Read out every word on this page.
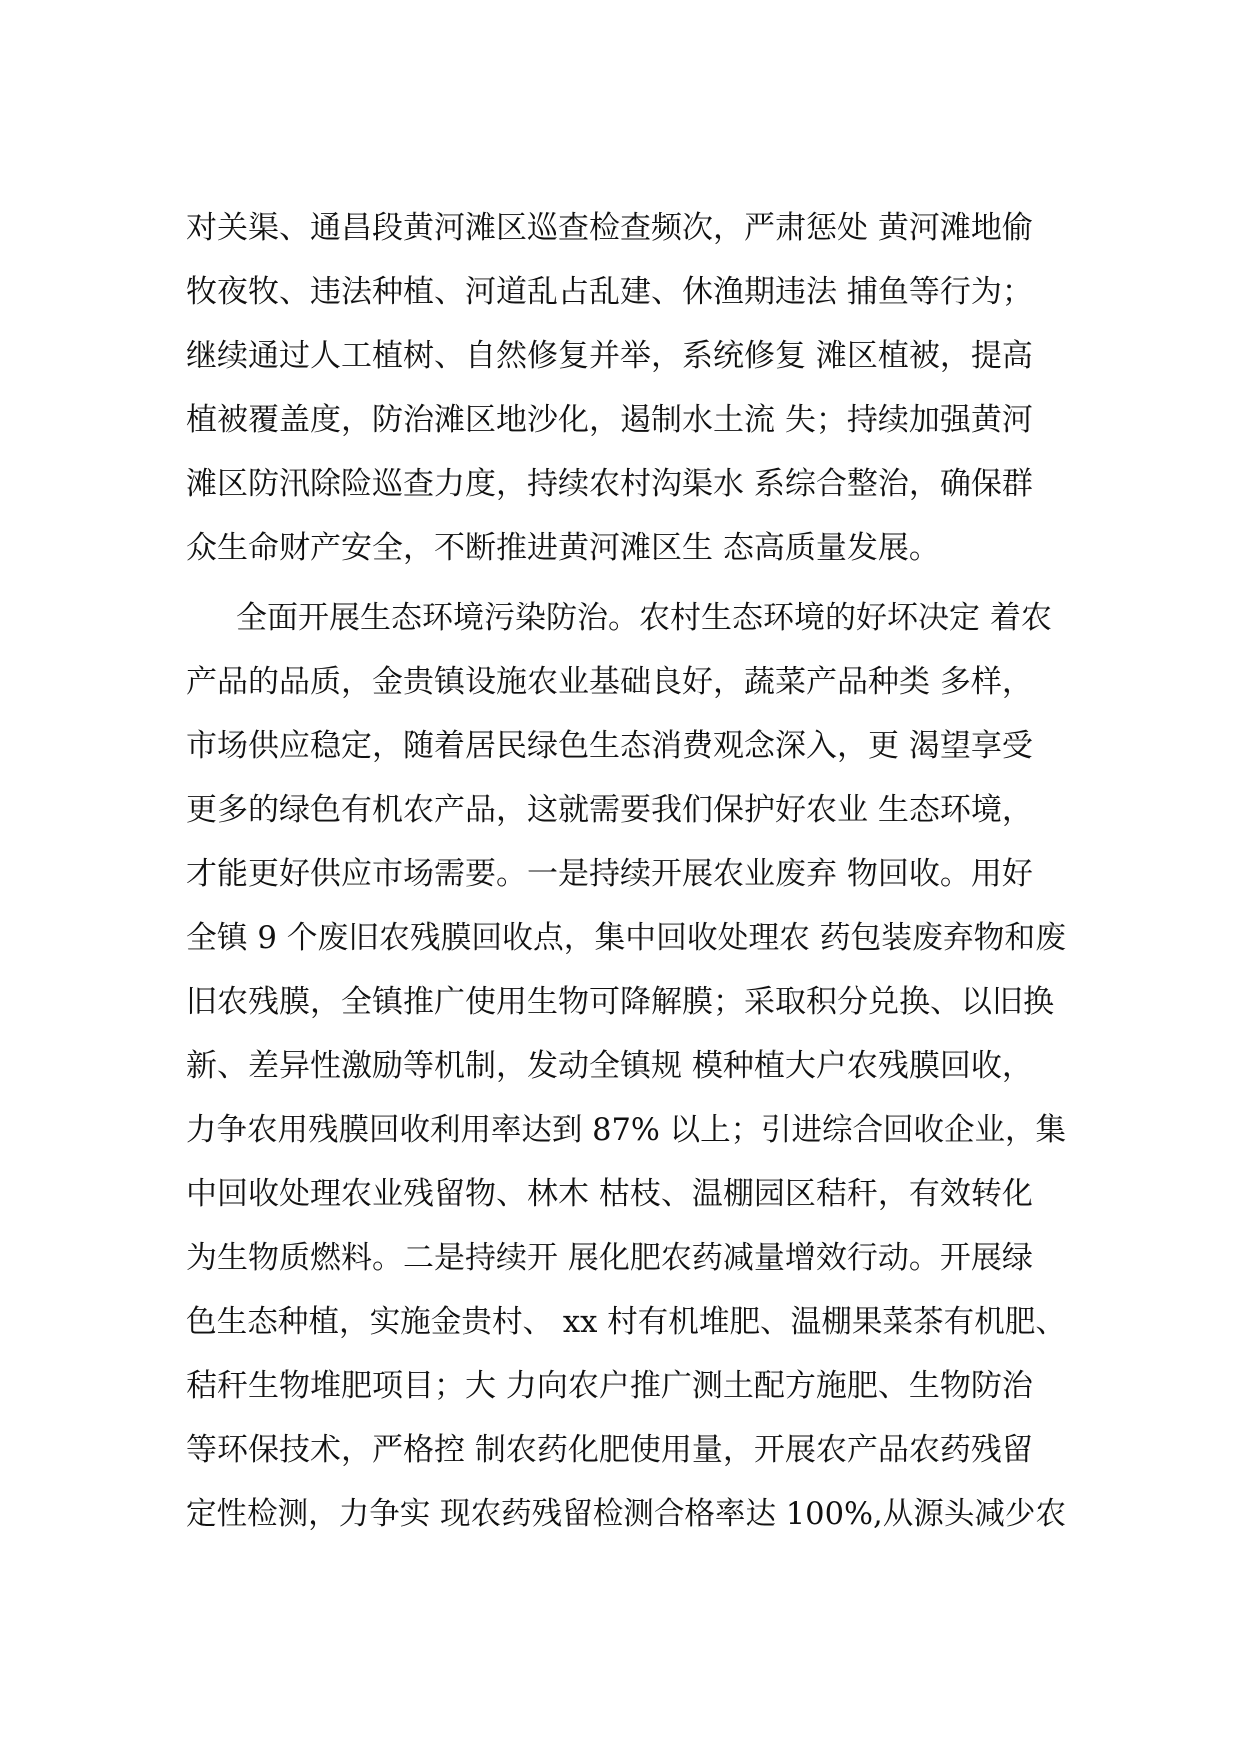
对关渠、通昌段黄河滩区巡查检查频次，严肃惩处 黄河滩地偷
牧夜牧、违法种植、河道乱占乱建、休渔期违法 捕鱼等行为；
继续通过人工植树、自然修复并举，系统修复 滩区植被，提高
植被覆盖度，防治滩区地沙化，遏制水土流 失；持续加强黄河
滩区防汛除险巡查力度，持续农村沟渠水 系综合整治，确保群
众生命财产安全，不断推进黄河滩区生 态高质量发展。
全面开展生态环境污染防治。农村生态环境的好坏决定 着农
产品的品质，金贵镇设施农业基础良好，蔬菜产品种类 多样，
市场供应稳定，随着居民绿色生态消费观念深入，更 渴望享受
更多的绿色有机农产品，这就需要我们保护好农业 生态环境，
才能更好供应市场需要。一是持续开展农业废弃 物回收。用好
全镇 9 个废旧农残膜回收点，集中回收处理农 药包装废弃物和废
旧农残膜，全镇推广使用生物可降解膜；采取积分兑换、以旧换
新、差异性激励等机制，发动全镇规 模种植大户农残膜回收，
力争农用残膜回收利用率达到 87% 以上；引进综合回收企业，集
中回收处理农业残留物、林木 枯枝、温棚园区秸秆，有效转化
为生物质燃料。二是持续开 展化肥农药减量增效行动。开展绿
色生态种植，实施金贵村、 xx 村有机堆肥、温棚果菜茶有机肥、
秸秆生物堆肥项目；大 力向农户推广测土配方施肥、生物防治
等环保技术，严格控 制农药化肥使用量，开展农产品农药残留
定性检测，力争实 现农药残留检测合格率达 100%,从源头减少农
